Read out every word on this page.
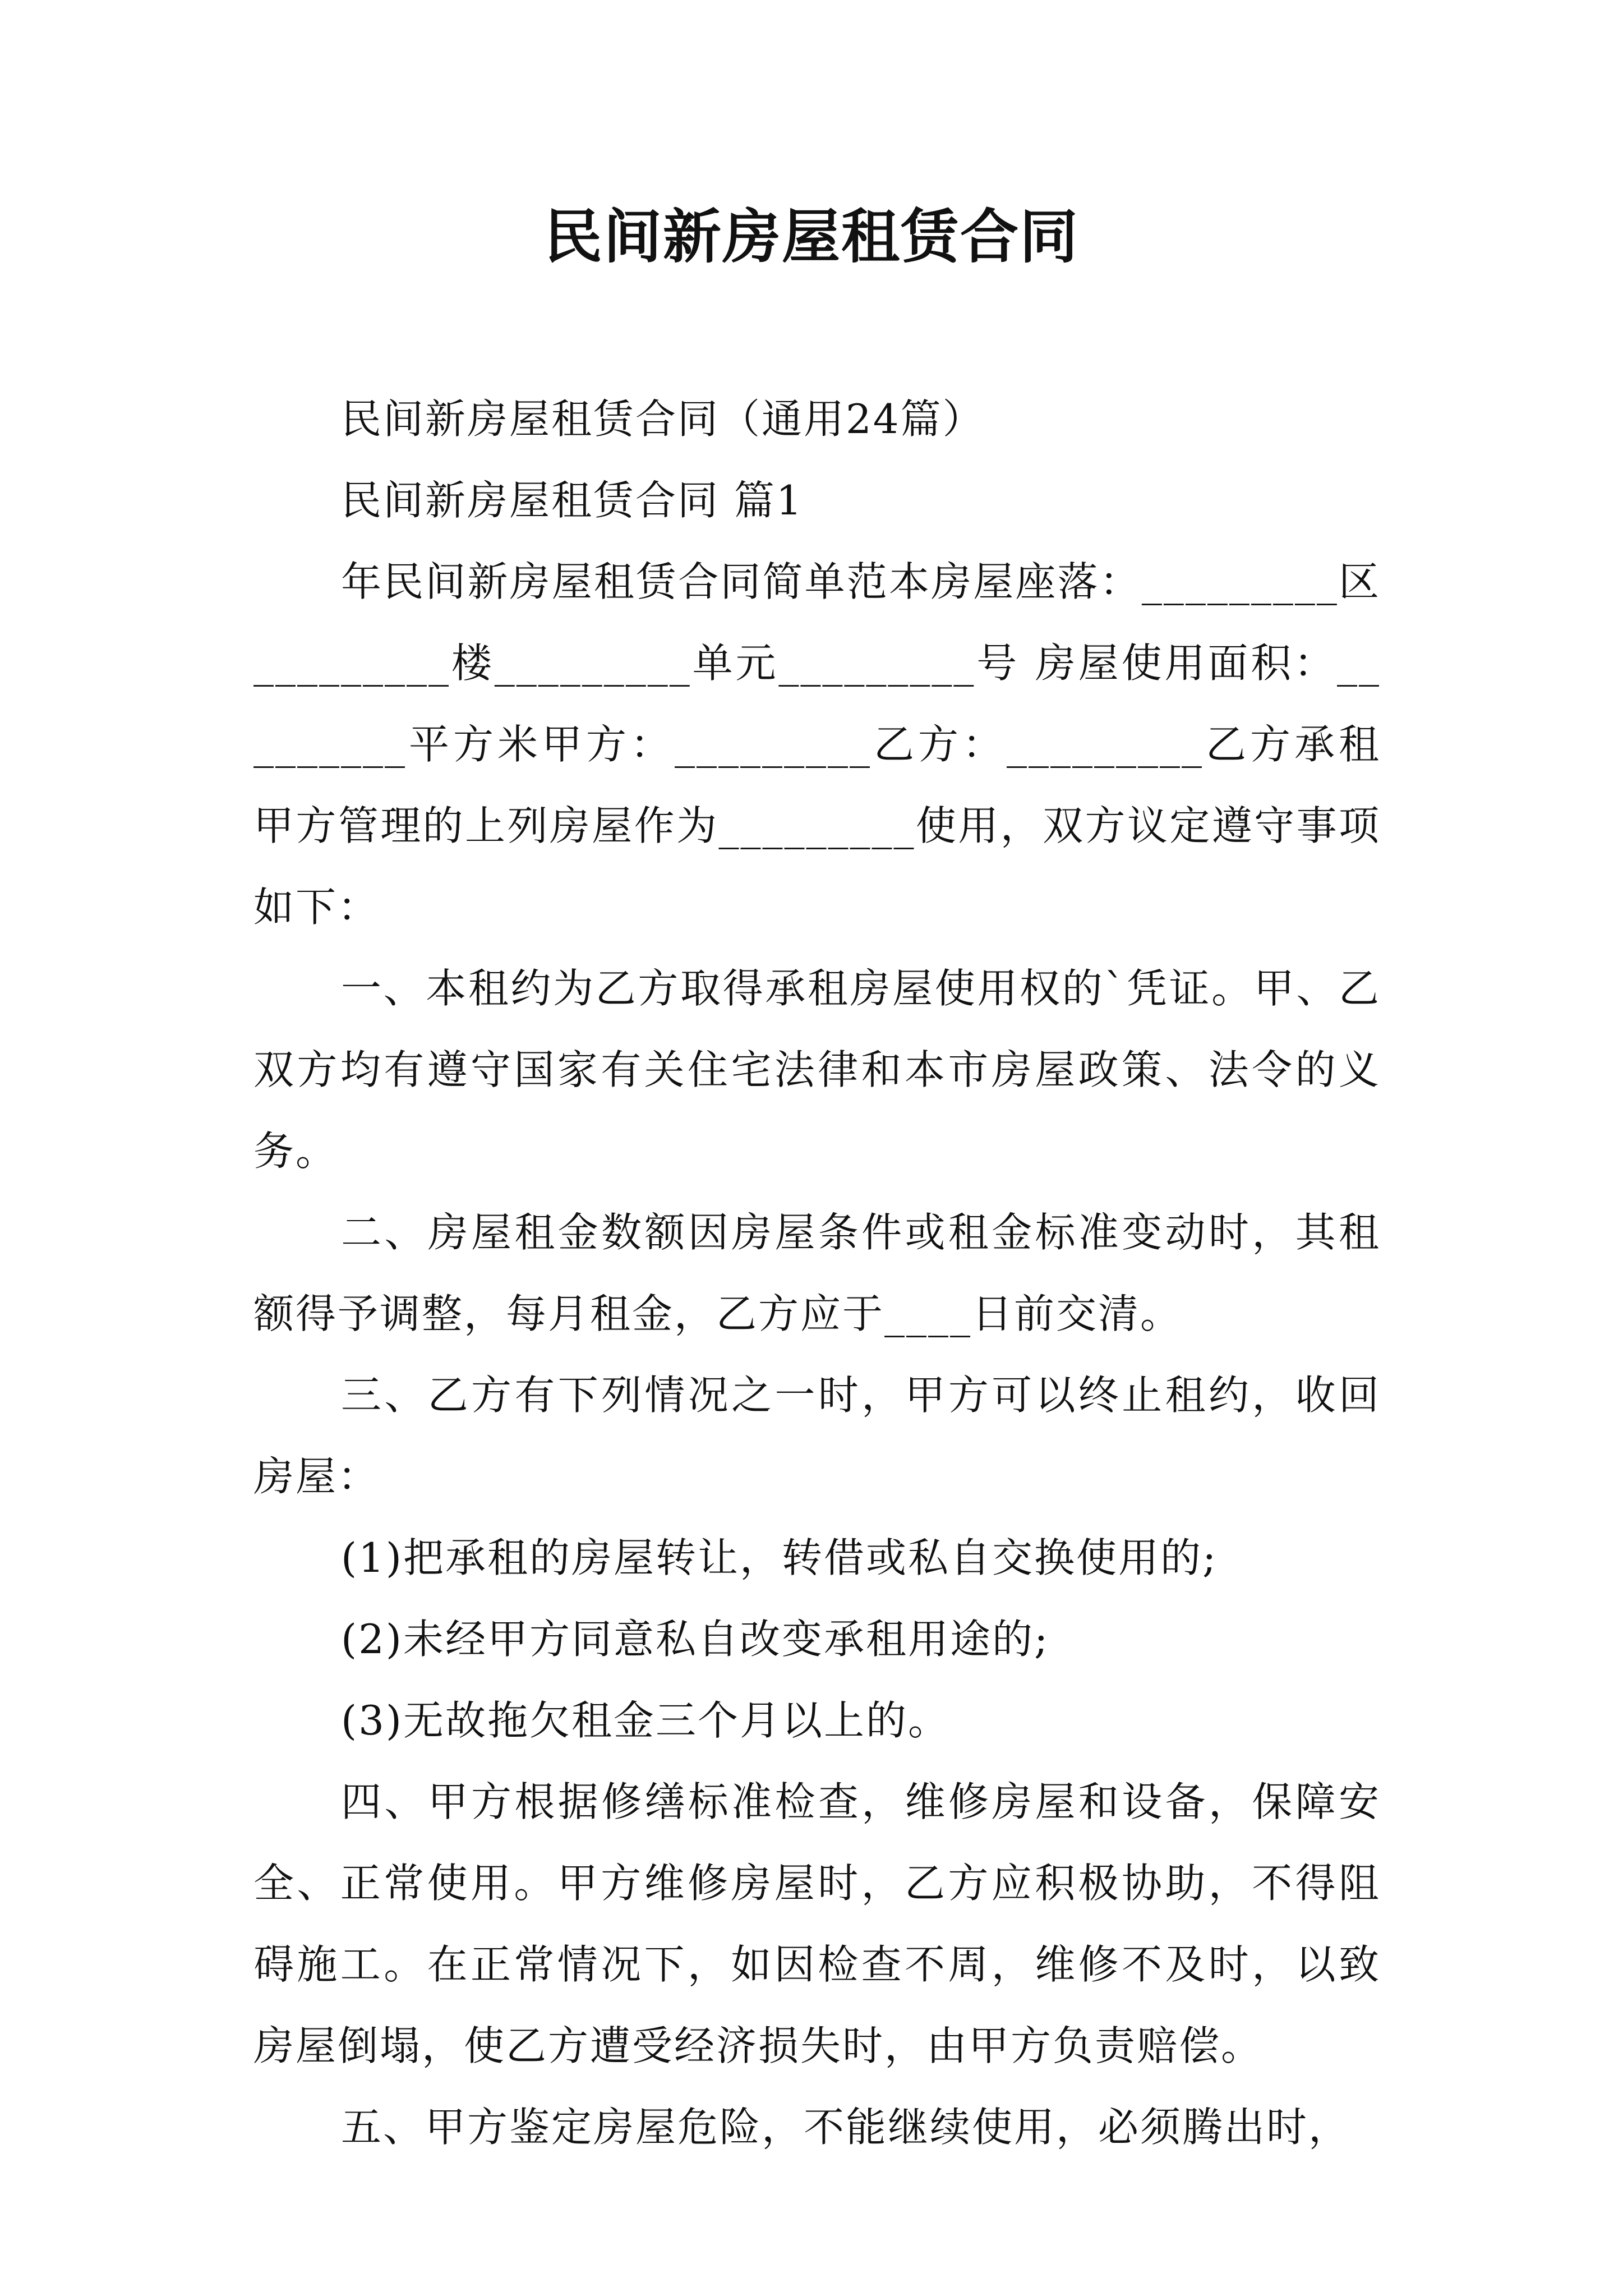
民间新房屋租赁合同

民间新房屋租赁合同（通用24篇）

民间新房屋租赁合同 篇1

年民间新房屋租赁合同简单范本房屋座落：_________区_________楼_________单元_________号 房屋使用面积：_________平方米甲方：_________乙方：_________乙方承租甲方管理的上列房屋作为_________使用，双方议定遵守事项如下：

一、本租约为乙方取得承租房屋使用权的`凭证。甲、乙双方均有遵守国家有关住宅法律和本市房屋政策、法令的义务。

二、房屋租金数额因房屋条件或租金标准变动时，其租额得予调整，每月租金，乙方应于____日前交清。

三、乙方有下列情况之一时，甲方可以终止租约，收回房屋：

(1)把承租的房屋转让，转借或私自交换使用的;

(2)未经甲方同意私自改变承租用途的;

(3)无故拖欠租金三个月以上的。

四、甲方根据修缮标准检查，维修房屋和设备，保障安全、正常使用。甲方维修房屋时，乙方应积极协助，不得阻碍施工。在正常情况下，如因检查不周，维修不及时，以致房屋倒塌，使乙方遭受经济损失时，由甲方负责赔偿。

五、甲方鉴定房屋危险，不能继续使用，必须腾出时，
